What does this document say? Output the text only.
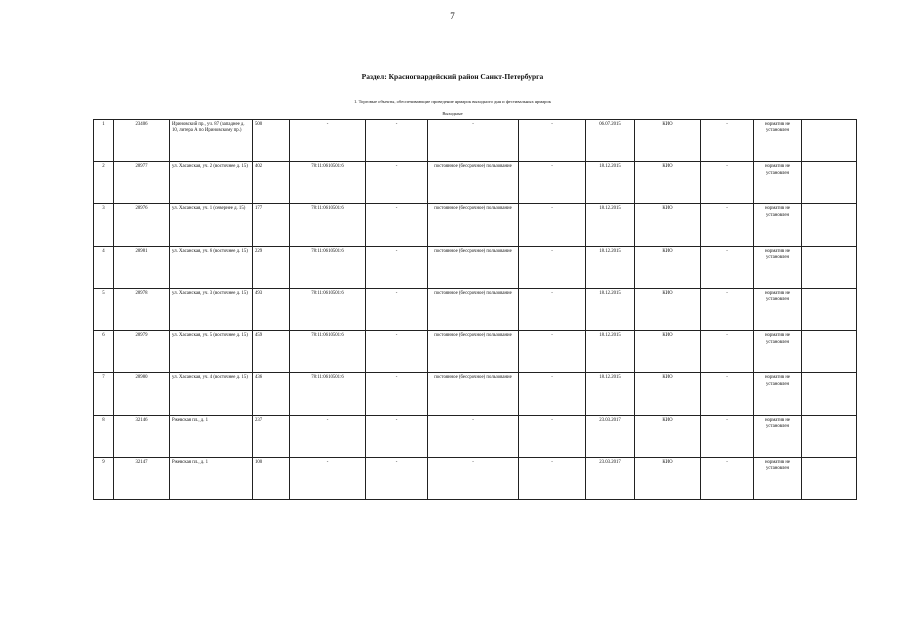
7
Раздел: Красногвардейский район Санкт-Петербурга
1. Торговые объекты, обеспечивающие проведение ярмарок выходного дня и фестивальных ярмарок
Выходные
1	23406	Ириновский пр., уч. 87 (западнее д. 10, литера А по Ириновскому пр.)	500	-	-	-	-	06.07.2015	КИО	-	норматив не установлен	
2	28977	ул. Хасанская, уч. 2 (восточнее д. 15)	402	78:11:0610501:6	-	постоянное (бессрочное) пользование	-	18.12.2015	КИО	-	норматив не установлен	
3	28976	ул. Хасанская, уч. 1 (севернее д. 15)	177	78:11:0610501:6	-	постоянное (бессрочное) пользование	-	18.12.2015	КИО	-	норматив не установлен	
4	28981	ул. Хасанская, уч. 6 (восточнее д. 15)	229	78:11:0610501:6	-	постоянное (бессрочное) пользование	-	18.12.2015	КИО	-	норматив не установлен	
5	28978	ул. Хасанская, уч. 3 (восточнее д. 15)	493	78:11:0610501:6	-	постоянное (бессрочное) пользование	-	18.12.2015	КИО	-	норматив не установлен	
6	28979	ул. Хасанская, уч. 5 (восточнее д. 15)	459	78:11:0610501:6	-	постоянное (бессрочное) пользование	-	18.12.2015	КИО	-	норматив не установлен	
7	28980	ул. Хасанская, уч. 4 (восточнее д. 15)	436	78:11:0610501:6	-	постоянное (бессрочное) пользование	-	18.12.2015	КИО	-	норматив не установлен	
8	32146	Ржевская пл., д. 1	237	-	-	-	-	23.03.2017	КИО	-	норматив не установлен	
9	32147	Ржевская пл., д. 1	100	-	-	-	-	23.03.2017	КИО	-	норматив не установлен	
